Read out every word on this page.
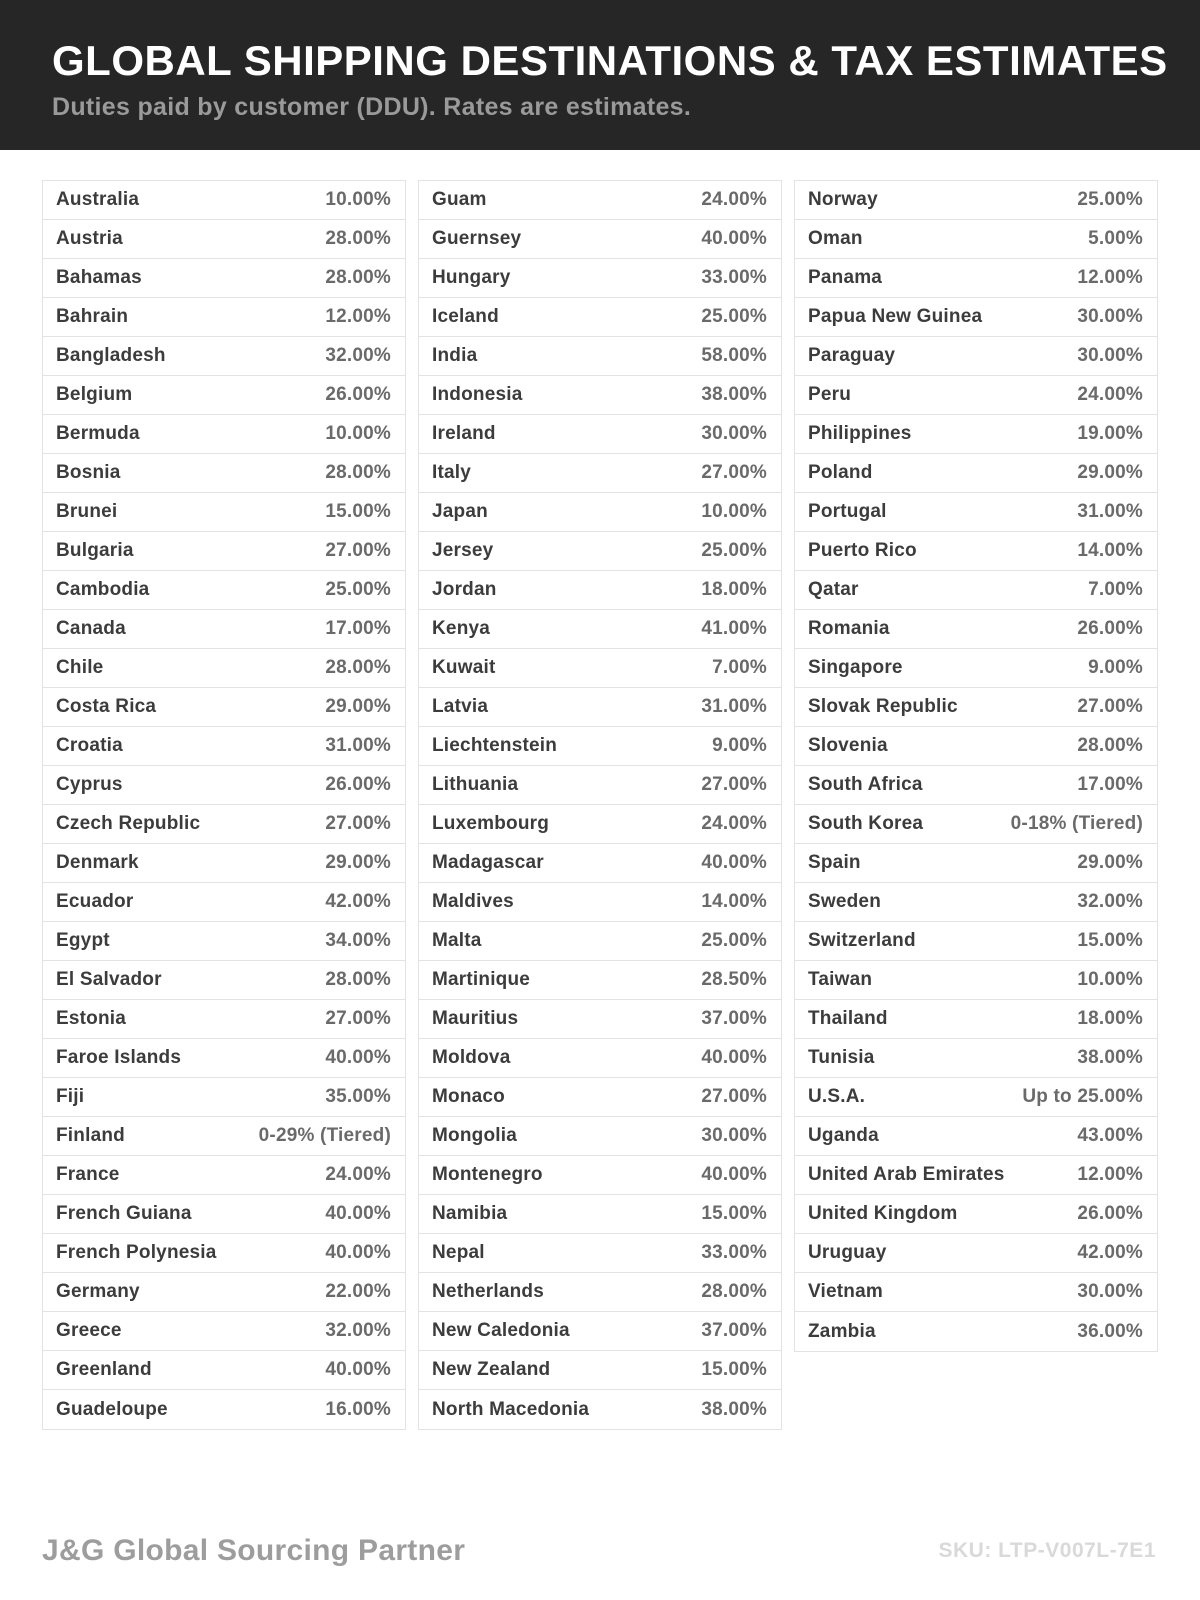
GLOBAL SHIPPING DESTINATIONS & TAX ESTIMATES
Duties paid by customer (DDU). Rates are estimates.
Australia	10.00%
Austria	28.00%
Bahamas	28.00%
Bahrain	12.00%
Bangladesh	32.00%
Belgium	26.00%
Bermuda	10.00%
Bosnia	28.00%
Brunei	15.00%
Bulgaria	27.00%
Cambodia	25.00%
Canada	17.00%
Chile	28.00%
Costa Rica	29.00%
Croatia	31.00%
Cyprus	26.00%
Czech Republic	27.00%
Denmark	29.00%
Ecuador	42.00%
Egypt	34.00%
El Salvador	28.00%
Estonia	27.00%
Faroe Islands	40.00%
Fiji	35.00%
Finland	0-29% (Tiered)
France	24.00%
French Guiana	40.00%
French Polynesia	40.00%
Germany	22.00%
Greece	32.00%
Greenland	40.00%
Guadeloupe	16.00%
Guam	24.00%
Guernsey	40.00%
Hungary	33.00%
Iceland	25.00%
India	58.00%
Indonesia	38.00%
Ireland	30.00%
Italy	27.00%
Japan	10.00%
Jersey	25.00%
Jordan	18.00%
Kenya	41.00%
Kuwait	7.00%
Latvia	31.00%
Liechtenstein	9.00%
Lithuania	27.00%
Luxembourg	24.00%
Madagascar	40.00%
Maldives	14.00%
Malta	25.00%
Martinique	28.50%
Mauritius	37.00%
Moldova	40.00%
Monaco	27.00%
Mongolia	30.00%
Montenegro	40.00%
Namibia	15.00%
Nepal	33.00%
Netherlands	28.00%
New Caledonia	37.00%
New Zealand	15.00%
North Macedonia	38.00%
Norway	25.00%
Oman	5.00%
Panama	12.00%
Papua New Guinea	30.00%
Paraguay	30.00%
Peru	24.00%
Philippines	19.00%
Poland	29.00%
Portugal	31.00%
Puerto Rico	14.00%
Qatar	7.00%
Romania	26.00%
Singapore	9.00%
Slovak Republic	27.00%
Slovenia	28.00%
South Africa	17.00%
South Korea	0-18% (Tiered)
Spain	29.00%
Sweden	32.00%
Switzerland	15.00%
Taiwan	10.00%
Thailand	18.00%
Tunisia	38.00%
U.S.A.	Up to 25.00%
Uganda	43.00%
United Arab Emirates	12.00%
United Kingdom	26.00%
Uruguay	42.00%
Vietnam	30.00%
Zambia	36.00%
J&G Global Sourcing Partner	SKU: LTP-V007L-7E1
